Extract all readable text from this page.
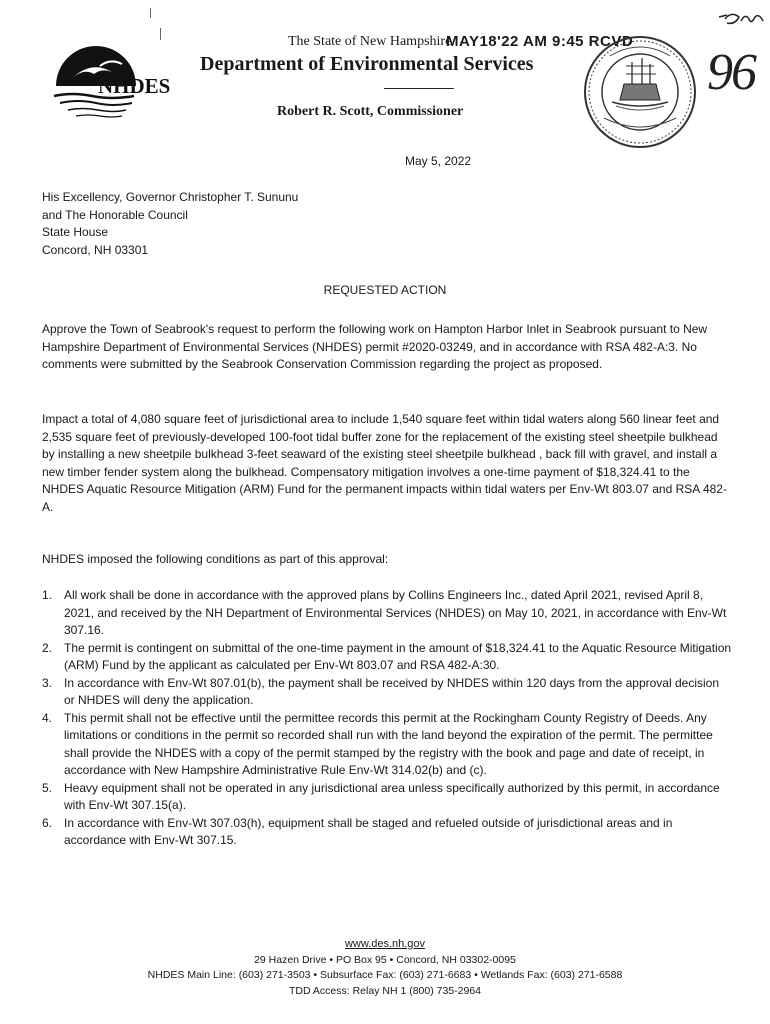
NHDES
The State of New Hampshire
MAY18'22 AM 9:45 RCVD
Department of Environmental Services
Robert R. Scott, Commissioner
96
May 5, 2022
His Excellency, Governor Christopher T. Sununu
and The Honorable Council
State House
Concord, NH 03301
REQUESTED ACTION
Approve the Town of Seabrook's request to perform the following work on Hampton Harbor Inlet in Seabrook pursuant to New Hampshire Department of Environmental Services (NHDES) permit #2020-03249, and in accordance with RSA 482-A:3. No comments were submitted by the Seabrook Conservation Commission regarding the project as proposed.
Impact a total of 4,080 square feet of jurisdictional area to include 1,540 square feet within tidal waters along 560 linear feet and 2,535 square feet of previously-developed 100-foot tidal buffer zone for the replacement of the existing steel sheetpile bulkhead by installing a new sheetpile bulkhead 3-feet seaward of the existing steel sheetpile bulkhead , back fill with gravel, and install a new timber fender system along the bulkhead. Compensatory mitigation involves a one-time payment of $18,324.41 to the NHDES Aquatic Resource Mitigation (ARM) Fund for the permanent impacts within tidal waters per Env-Wt 803.07 and RSA 482-A.
NHDES imposed the following conditions as part of this approval:
1. All work shall be done in accordance with the approved plans by Collins Engineers Inc., dated April 2021, revised April 8, 2021, and received by the NH Department of Environmental Services (NHDES) on May 10, 2021, in accordance with Env-Wt 307.16.
2. The permit is contingent on submittal of the one-time payment in the amount of $18,324.41 to the Aquatic Resource Mitigation (ARM) Fund by the applicant as calculated per Env-Wt 803.07 and RSA 482-A:30.
3. In accordance with Env-Wt 807.01(b), the payment shall be received by NHDES within 120 days from the approval decision or NHDES will deny the application.
4. This permit shall not be effective until the permittee records this permit at the Rockingham County Registry of Deeds. Any limitations or conditions in the permit so recorded shall run with the land beyond the expiration of the permit. The permittee shall provide the NHDES with a copy of the permit stamped by the registry with the book and page and date of receipt, in accordance with New Hampshire Administrative Rule Env-Wt 314.02(b) and (c).
5. Heavy equipment shall not be operated in any jurisdictional area unless specifically authorized by this permit, in accordance with Env-Wt 307.15(a).
6. In accordance with Env-Wt 307.03(h), equipment shall be staged and refueled outside of jurisdictional areas and in accordance with Env-Wt 307.15.
www.des.nh.gov
29 Hazen Drive • PO Box 95 • Concord, NH 03302-0095
NHDES Main Line: (603) 271-3503 • Subsurface Fax: (603) 271-6683 • Wetlands Fax: (603) 271-6588
TDD Access: Relay NH 1 (800) 735-2964
